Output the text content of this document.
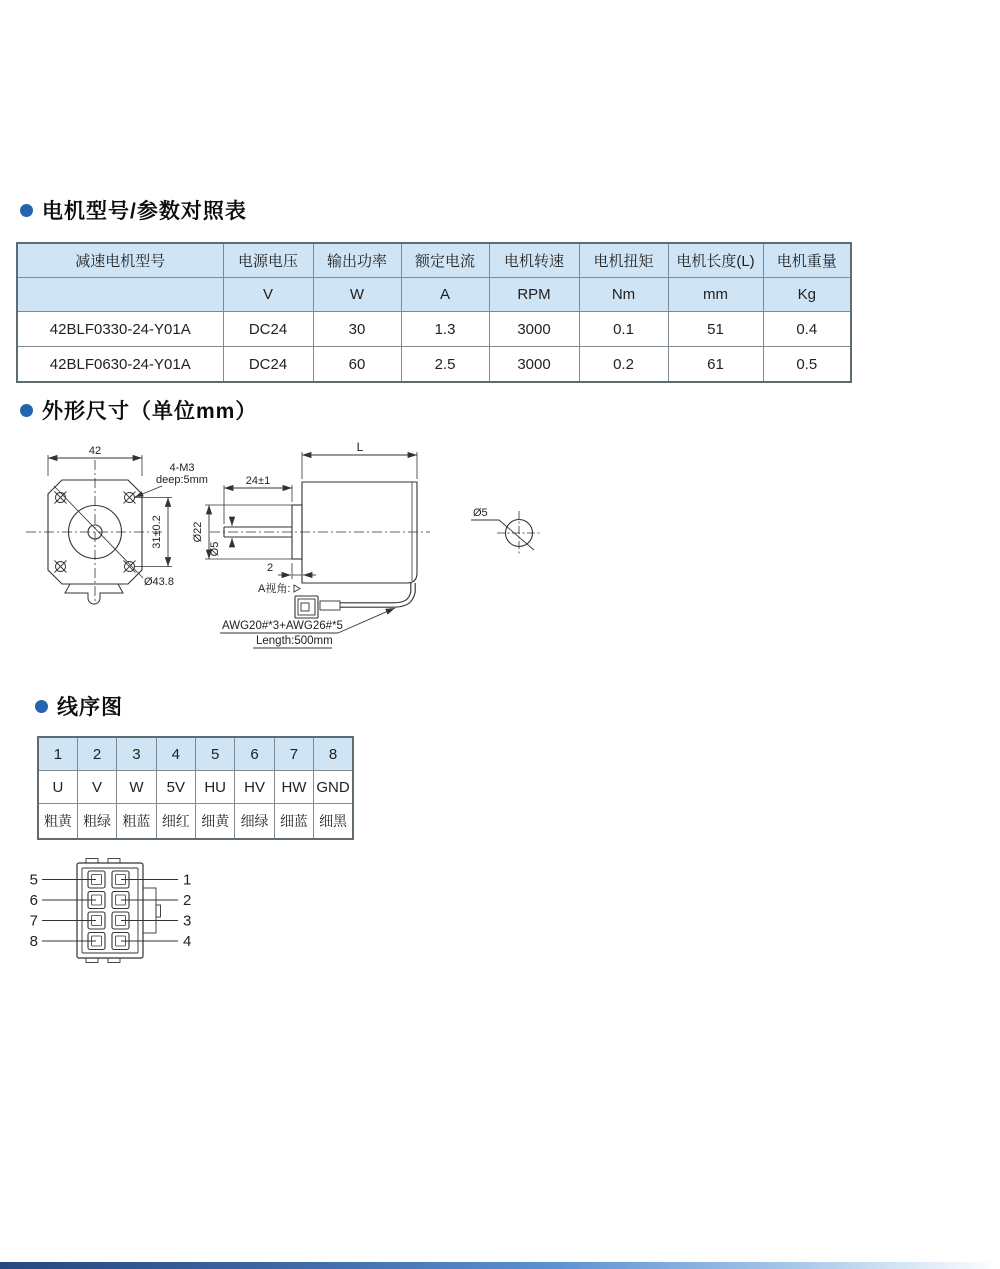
电机型号/参数对照表
减速电机型号	电源电压	输出功率	额定电流	电机转速	电机扭矩	电机长度(L)	电机重量
	V	W	A	RPM	Nm	mm	Kg
42BLF0330-24-Y01A	DC24	30	1.3	3000	0.1	51	0.4
42BLF0630-24-Y01A	DC24	60	2.5	3000	0.2	61	0.5
外形尺寸（单位mm）
42
4-M3
deep:5mm
31±0.2
Ø43.8
L
24±1
Ø22
Ø5
2
A视角:
AWG20#*3+AWG26#*5
Length:500mm
Ø5
线序图
1	2	3	4	5	6	7	8
U	V	W	5V	HU	HV	HW	GND
粗黄	粗绿	粗蓝	细红	细黄	细绿	细蓝	细黑
5
6
7
8
1
2
3
4
